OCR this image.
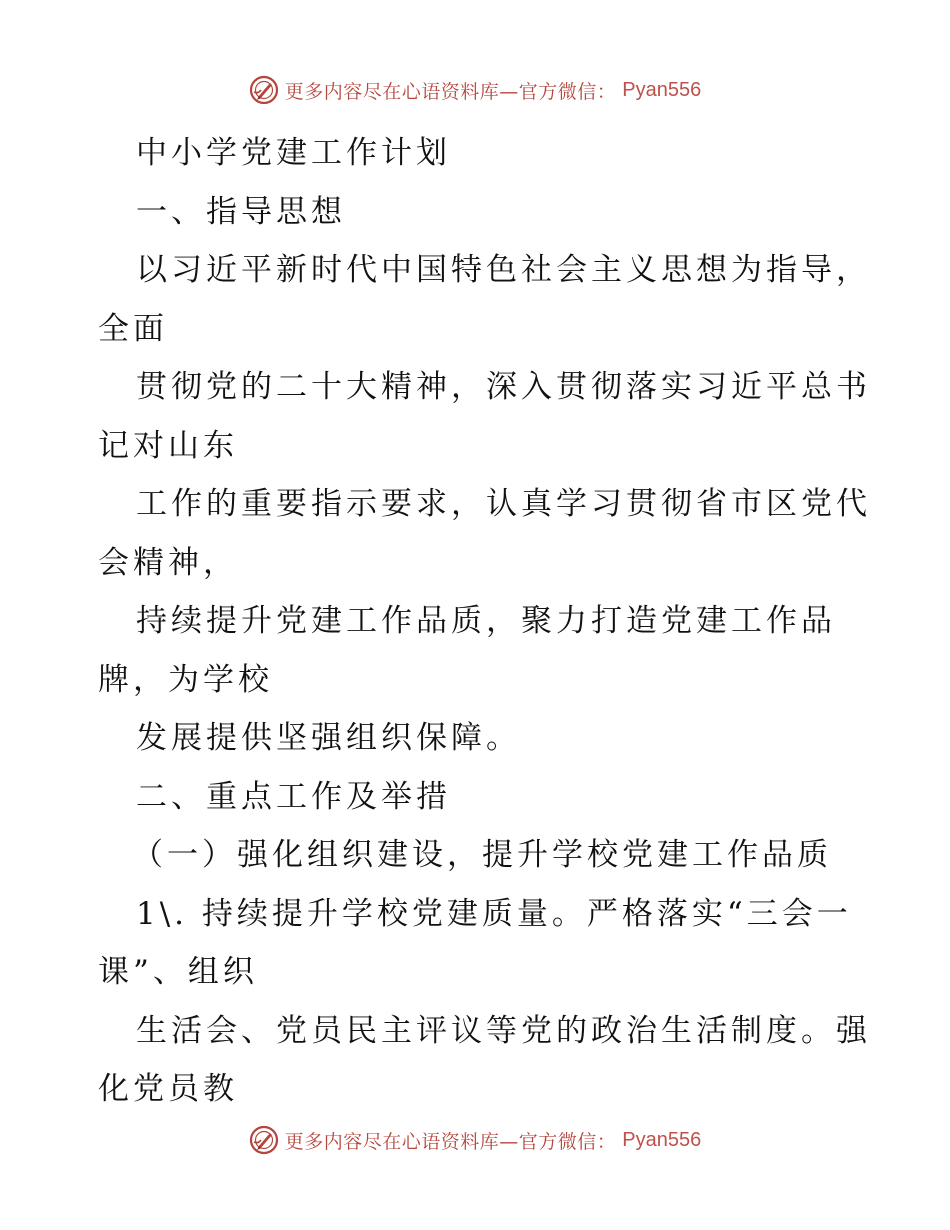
更多内容尽在心语资料库—官方微信： Pyan556
中小学党建工作计划
一、指导思想
以习近平新时代中国特色社会主义思想为指导，
全面
贯彻党的二十大精神，深入贯彻落实习近平总书
记对山东
工作的重要指示要求，认真学习贯彻省市区党代
会精神，
持续提升党建工作品质，聚力打造党建工作品
牌，为学校
发展提供坚强组织保障。
二、重点工作及举措
（一）强化组织建设，提升学校党建工作品质
1\. 持续提升学校党建质量。严格落实“三会一
课”、组织
生活会、党员民主评议等党的政治生活制度。强
化党员教
更多内容尽在心语资料库—官方微信： Pyan556
